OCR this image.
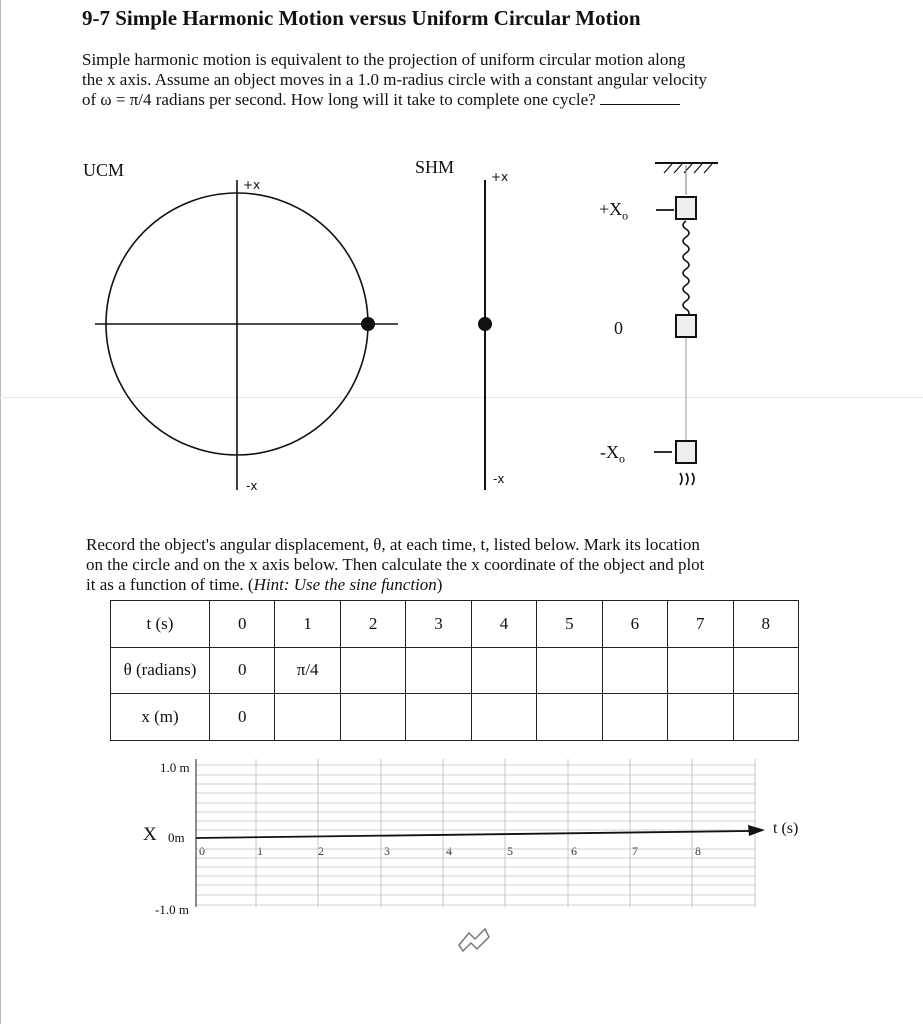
9-7 Simple Harmonic Motion versus Uniform Circular Motion
Simple harmonic motion is equivalent to the projection of uniform circular motion along
the x axis. Assume an object moves in a 1.0 m-radius circle with a constant angular velocity
of ω = π/4 radians per second. How long will it take to complete one cycle?
UCM	SHM
+x
-x
+x
-x
$+X_o$
0
$-X_o$
Record the object's angular displacement, θ, at each time, t, listed below. Mark its location
on the circle and on the x axis below. Then calculate the x coordinate of the object and plot
it as a function of time. (Hint: Use the sine function)
t (s)	0	1	2	3	4	5	6	7	8
θ (radians)	0	π/4							
x (m)	0								
1.0 m
X 0m
-1.0 m
t (s)
0	1	2	3	4	5	6	7	8
